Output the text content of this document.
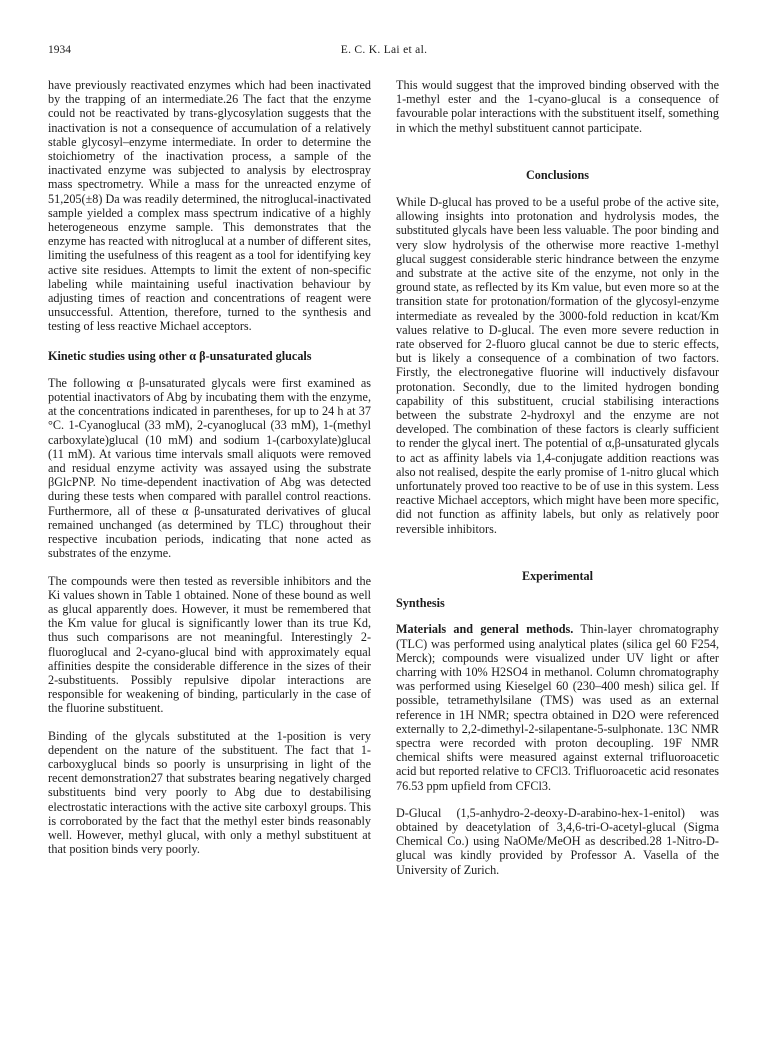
1934	E. C. K. Lai et al.

have previously reactivated enzymes which had been inactivated by the trapping of an intermediate.26 The fact that the enzyme could not be reactivated by trans-glycosylation suggests that the inactivation is not a consequence of accumulation of a relatively stable glycosyl–enzyme intermediate. In order to determine the stoichiometry of the inactivation process, a sample of the inactivated enzyme was subjected to analysis by electrospray mass spectrometry. While a mass for the unreacted enzyme of 51,205(±8) Da was readily determined, the nitroglucal-inactivated sample yielded a complex mass spectrum indicative of a highly heterogeneous enzyme sample. This demonstrates that the enzyme has reacted with nitroglucal at a number of different sites, limiting the usefulness of this reagent as a tool for identifying key active site residues. Attempts to limit the extent of non-specific labeling while maintaining useful inactivation behaviour by adjusting times of reaction and concentrations of reagent were unsuccessful. Attention, therefore, turned to the synthesis and testing of less reactive Michael acceptors.

Kinetic studies using other α β-unsaturated glucals

The following α β-unsaturated glycals were first examined as potential inactivators of Abg by incubating them with the enzyme, at the concentrations indicated in parentheses, for up to 24 h at 37 °C. 1-Cyanoglucal (33 mM), 2-cyanoglucal (33 mM), 1-(methyl carboxylate)glucal (10 mM) and sodium 1-(carboxylate)glucal (11 mM). At various time intervals small aliquots were removed and residual enzyme activity was assayed using the substrate βGlcPNP. No time-dependent inactivation of Abg was detected during these tests when compared with parallel control reactions. Furthermore, all of these α β-unsaturated derivatives of glucal remained unchanged (as determined by TLC) throughout their respective incubation periods, indicating that none acted as substrates of the enzyme.

The compounds were then tested as reversible inhibitors and the Ki values shown in Table 1 obtained. None of these bound as well as glucal apparently does. However, it must be remembered that the Km value for glucal is significantly lower than its true Kd, thus such comparisons are not meaningful. Interestingly 2-fluoroglucal and 2-cyano-glucal bind with approximately equal affinities despite the considerable difference in the sizes of their 2-substituents. Possibly repulsive dipolar interactions are responsible for weakening of binding, particularly in the case of the fluorine substituent.

Binding of the glycals substituted at the 1-position is very dependent on the nature of the substituent. The fact that 1-carboxyglucal binds so poorly is unsurprising in light of the recent demonstration27 that substrates bearing negatively charged substituents bind very poorly to Abg due to destabilising electrostatic interactions with the active site carboxyl groups. This is corroborated by the fact that the methyl ester binds reasonably well. However, methyl glucal, with only a methyl substituent at that position binds very poorly.

This would suggest that the improved binding observed with the 1-methyl ester and the 1-cyano-glucal is a consequence of favourable polar interactions with the substituent itself, something in which the methyl substituent cannot participate.

Conclusions

While D-glucal has proved to be a useful probe of the active site, allowing insights into protonation and hydrolysis modes, the substituted glycals have been less valuable. The poor binding and very slow hydrolysis of the otherwise more reactive 1-methyl glucal suggest considerable steric hindrance between the enzyme and substrate at the active site of the enzyme, not only in the ground state, as reflected by its Km value, but even more so at the transition state for protonation/formation of the glycosyl-enzyme intermediate as revealed by the 3000-fold reduction in kcat/Km values relative to D-glucal. The even more severe reduction in rate observed for 2-fluoro glucal cannot be due to steric effects, but is likely a consequence of a combination of two factors. Firstly, the electronegative fluorine will inductively disfavour protonation. Secondly, due to the limited hydrogen bonding capability of this substituent, crucial stabilising interactions between the substrate 2-hydroxyl and the enzyme are not developed. The combination of these factors is clearly sufficient to render the glycal inert. The potential of α,β-unsaturated glycals to act as affinity labels via 1,4-conjugate addition reactions was also not realised, despite the early promise of 1-nitro glucal which unfortunately proved too reactive to be of use in this system. Less reactive Michael acceptors, which might have been more specific, did not function as affinity labels, but only as relatively poor reversible inhibitors.

Experimental
Synthesis

Materials and general methods. Thin-layer chromatography (TLC) was performed using analytical plates (silica gel 60 F254, Merck); compounds were visualized under UV light or after charring with 10% H2SO4 in methanol. Column chromatography was performed using Kieselgel 60 (230–400 mesh) silica gel. If possible, tetramethylsilane (TMS) was used as an external reference in 1H NMR; spectra obtained in D2O were referenced externally to 2,2-dimethyl-2-silapentane-5-sulphonate. 13C NMR spectra were recorded with proton decoupling. 19F NMR chemical shifts were measured against external trifluoroacetic acid but reported relative to CFCl3. Trifluoroacetic acid resonates 76.53 ppm upfield from CFCl3.

D-Glucal (1,5-anhydro-2-deoxy-D-arabino-hex-1-enitol) was obtained by deacetylation of 3,4,6-tri-O-acetyl-glucal (Sigma Chemical Co.) using NaOMe/MeOH as described.28 1-Nitro-D-glucal was kindly provided by Professor A. Vasella of the University of Zurich.
